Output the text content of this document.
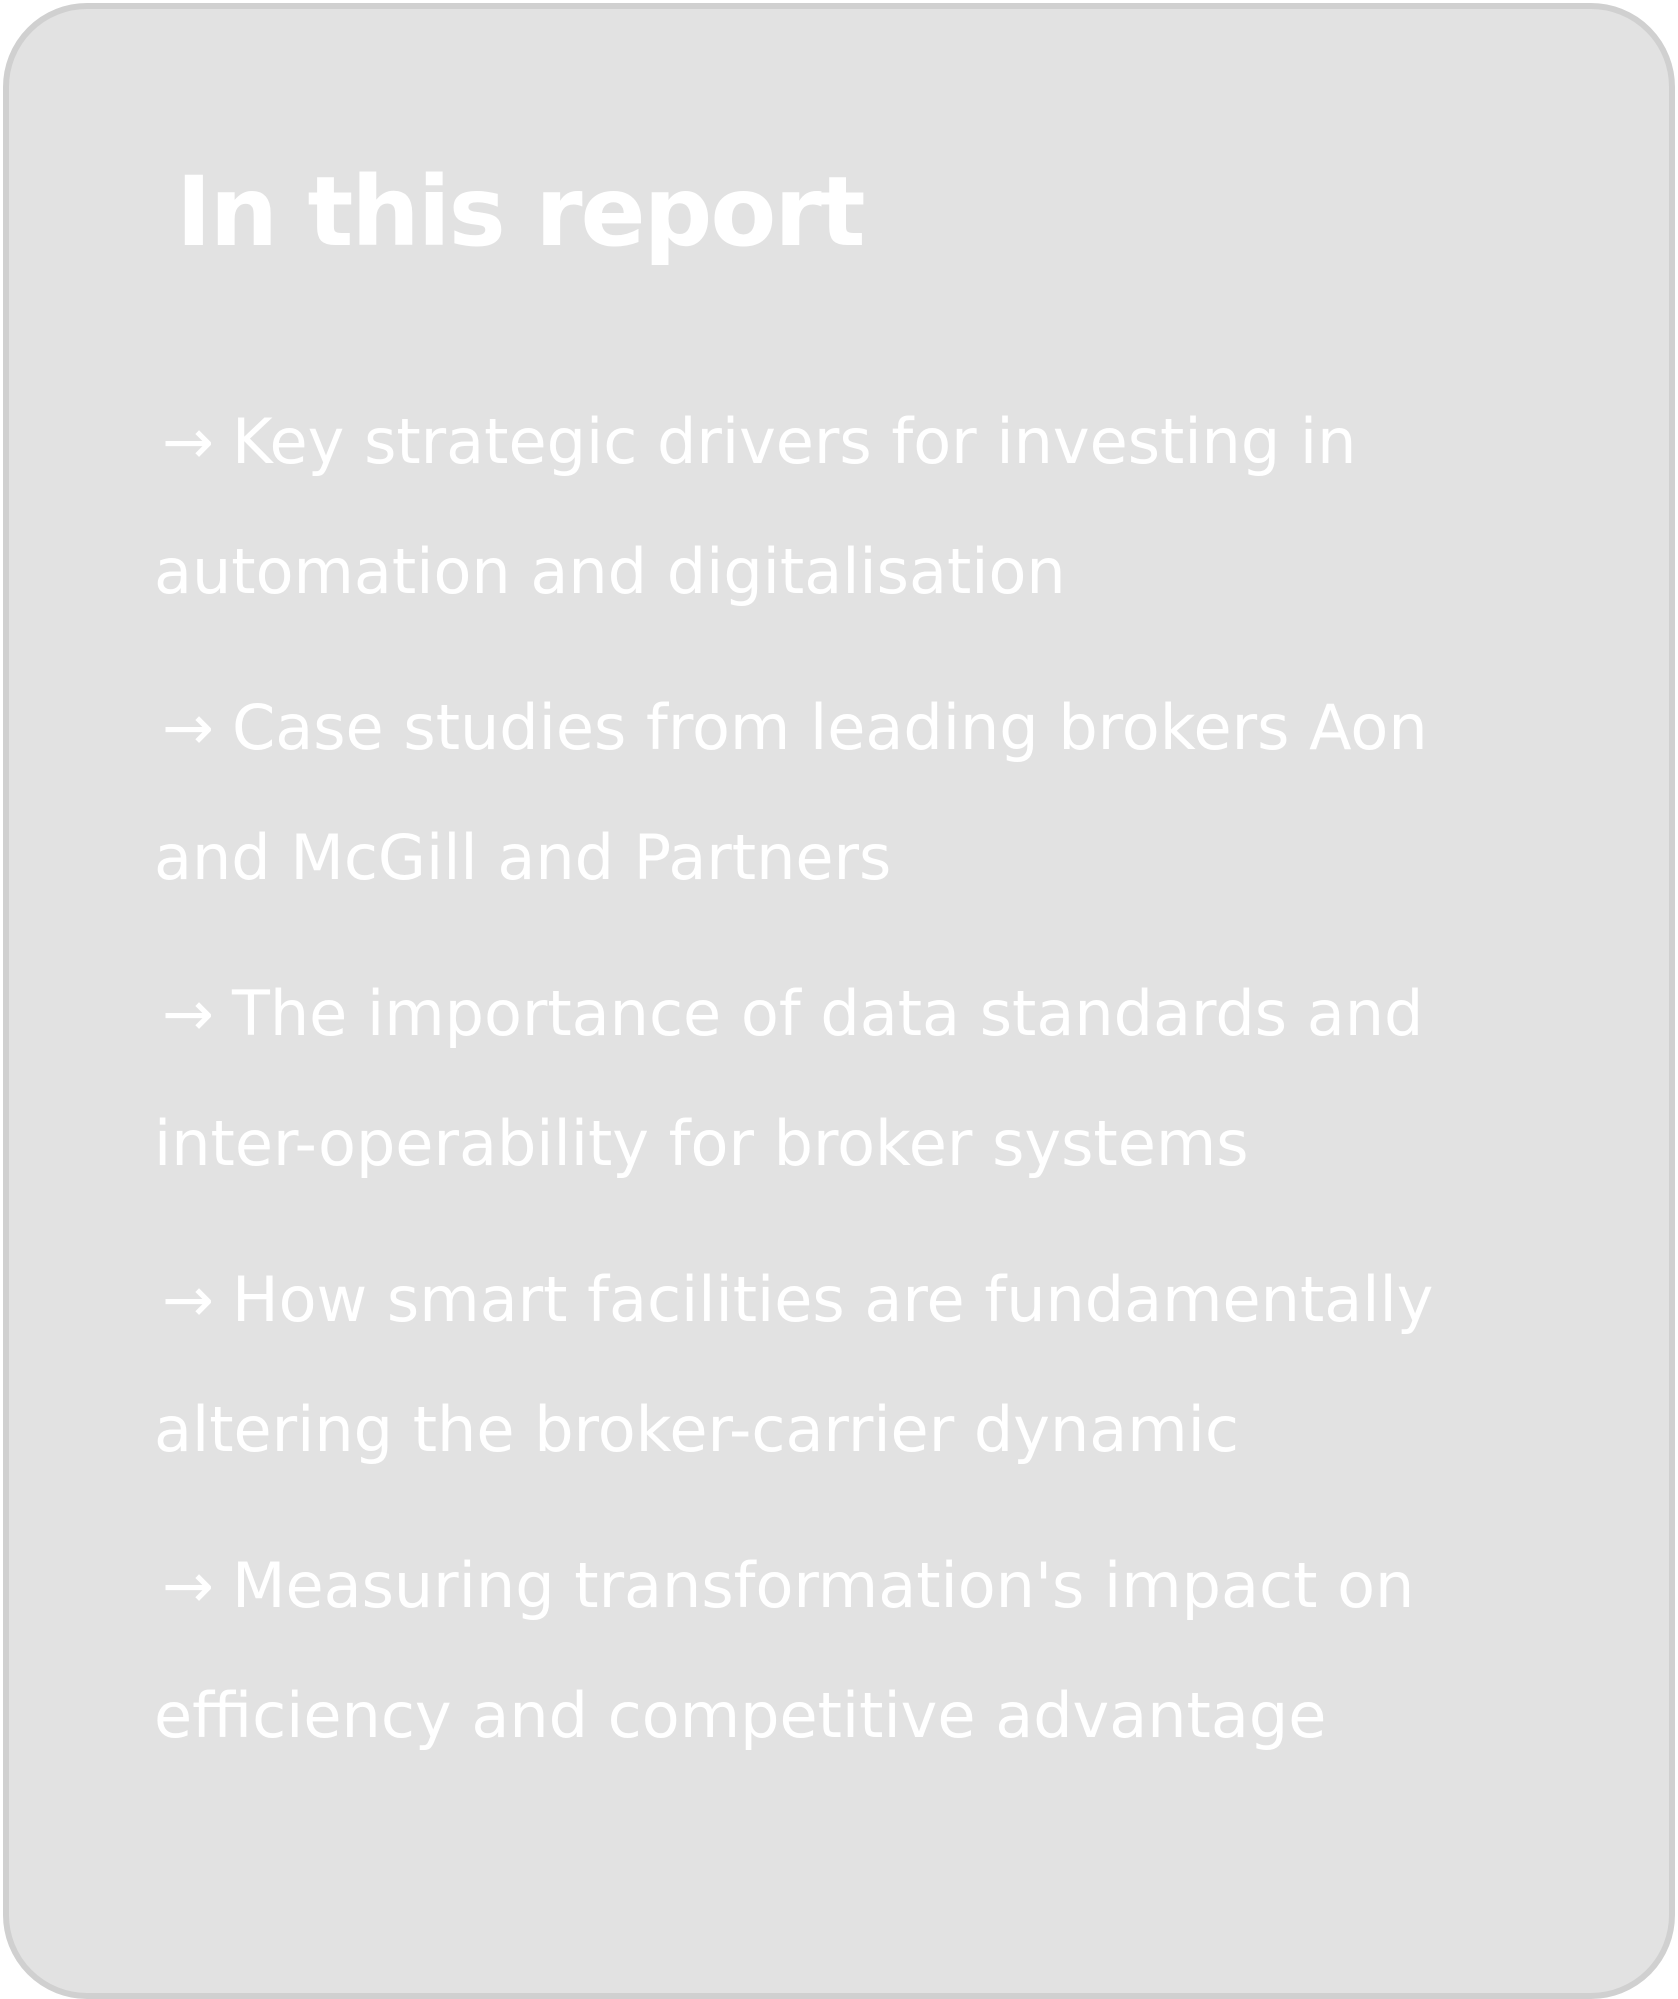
In this report
→ Key strategic drivers for investing in automation and digitalisation
→ Case studies from leading brokers Aon and McGill and Partners
→ The importance of data standards and inter-operability for broker systems
→ How smart facilities are fundamentally altering the broker-carrier dynamic
→ Measuring transformation's impact on efficiency and competitive advantage
